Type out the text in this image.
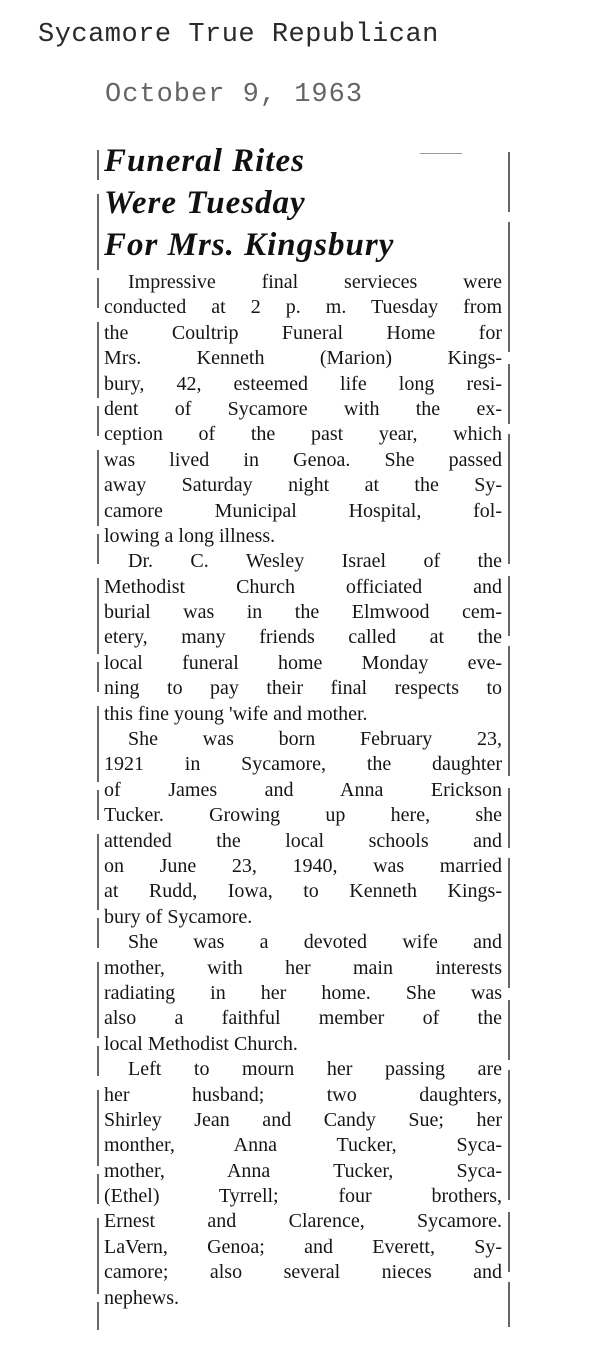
Sycamore True Republican
October 9, 1963
Funeral Rites
Were Tuesday
For Mrs. Kingsbury
Impressive final servieces were
conducted at 2 p. m. Tuesday from
the Coultrip Funeral Home for
Mrs. Kenneth (Marion) Kings-
bury, 42, esteemed life long resi-
dent of Sycamore with the ex-
ception of the past year, which
was lived in Genoa. She passed
away Saturday night at the Sy-
camore Municipal Hospital, fol-
lowing a long illness.
Dr. C. Wesley Israel of the
Methodist Church officiated and
burial was in the Elmwood cem-
etery, many friends called at the
local funeral home Monday eve-
ning to pay their final respects to
this fine young 'wife and mother.
She was born February 23,
1921 in Sycamore, the daughter
of James and Anna Erickson
Tucker. Growing up here, she
attended the local schools and
on June 23, 1940, was married
at Rudd, Iowa, to Kenneth Kings-
bury of Sycamore.
She was a devoted wife and
mother, with her main interests
radiating in her home. She was
also a faithful member of the
local Methodist Church.
Left to mourn her passing are
her husband; two daughters,
Shirley Jean and Candy Sue; her
monther, Anna Tucker, Syca-
mother, Anna Tucker, Syca-
(Ethel) Tyrrell; four brothers,
Ernest and Clarence, Sycamore.
LaVern, Genoa; and Everett, Sy-
camore; also several nieces and
nephews.
